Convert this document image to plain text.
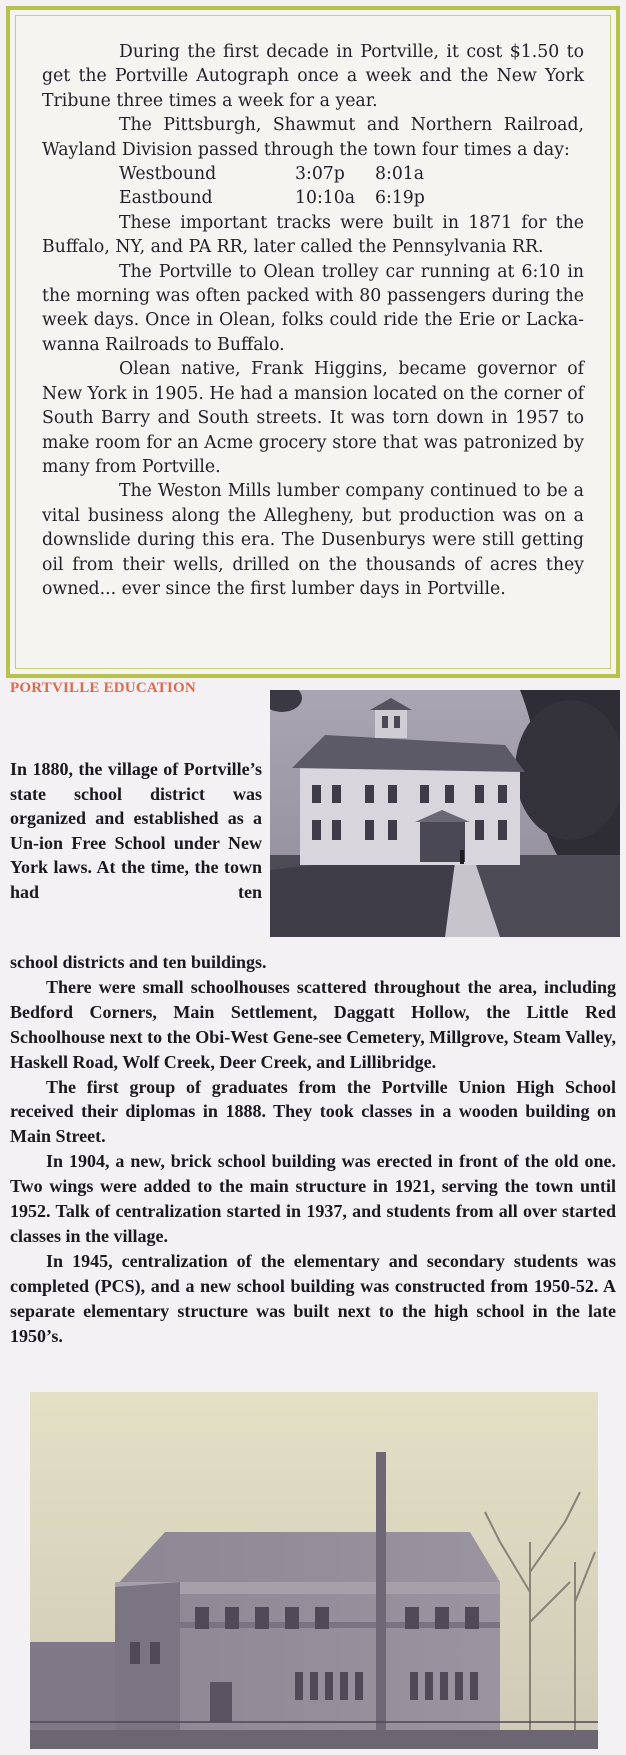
During the first decade in Portville, it cost $1.50 to get the Portville Autograph once a week and the New York Tribune three times a week for a year.

The Pittsburgh, Shawmut and Northern Railroad, Wayland Division passed through the town four times a day:

Westbound	3:07p	8:01a
Eastbound	10:10a	6:19p

These important tracks were built in 1871 for the Buffalo, NY, and PA RR, later called the Pennsylvania RR.

The Portville to Olean trolley car running at 6:10 in the morning was often packed with 80 passengers during the week days. Once in Olean, folks could ride the Erie or Lacka-wanna Railroads to Buffalo.

Olean native, Frank Higgins, became governor of New York in 1905. He had a mansion located on the corner of South Barry and South streets. It was torn down in 1957 to make room for an Acme grocery store that was patronized by many from Portville.

The Weston Mills lumber company continued to be a vital business along the Allegheny, but production was on a downslide during this era. The Dusenburys were still getting oil from their wells, drilled on the thousands of acres they owned... ever since the first lumber days in Portville.

PORTVILLE EDUCATION
In 1880, the village of Portville’s state school district was organized and established as a Un-ion Free School under New York laws. At the time, the town had ten

school districts and ten buildings.

There were small schoolhouses scattered throughout the area, including Bedford Corners, Main Settlement, Daggatt Hollow, the Little Red Schoolhouse next to the Obi-West Gene-see Cemetery, Millgrove, Steam Valley, Haskell Road, Wolf Creek, Deer Creek, and Lillibridge.

The first group of graduates from the Portville Union High School received their diplomas in 1888. They took classes in a wooden building on Main Street.

In 1904, a new, brick school building was erected in front of the old one. Two wings were added to the main structure in 1921, serving the town until 1952. Talk of centralization started in 1937, and students from all over started classes in the village.

In 1945, centralization of the elementary and secondary students was completed (PCS), and a new school building was constructed from 1950-52. A separate elementary structure was built next to the high school in the late 1950’s.
